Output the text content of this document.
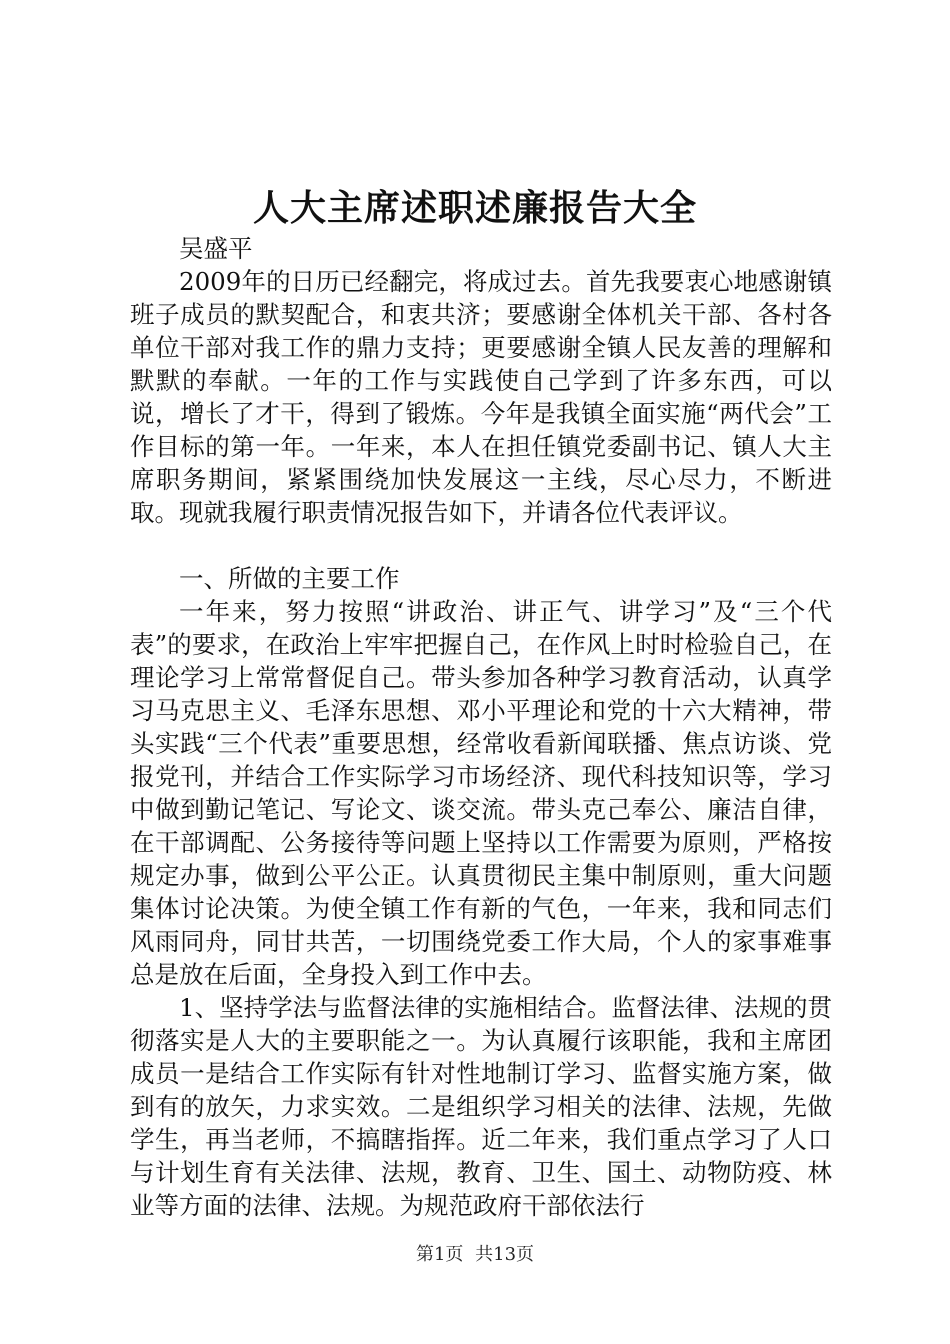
人大主席述职述廉报告大全

吴盛平

2009年的日历已经翻完，将成过去。首先我要衷心地感谢镇班子成员的默契配合，和衷共济；要感谢全体机关干部、各村各单位干部对我工作的鼎力支持；更要感谢全镇人民友善的理解和默默的奉献。一年的工作与实践使自己学到了许多东西，可以说，增长了才干，得到了锻炼。今年是我镇全面实施“两代会”工作目标的第一年。一年来，本人在担任镇党委副书记、镇人大主席职务期间，紧紧围绕加快发展这一主线，尽心尽力，不断进取。现就我履行职责情况报告如下，并请各位代表评议。

一、所做的主要工作

一年来，努力按照“讲政治、讲正气、讲学习”及“三个代表”的要求，在政治上牢牢把握自己，在作风上时时检验自己，在理论学习上常常督促自己。带头参加各种学习教育活动，认真学习马克思主义、毛泽东思想、邓小平理论和党的十六大精神，带头实践“三个代表”重要思想，经常收看新闻联播、焦点访谈、党报党刊，并结合工作实际学习市场经济、现代科技知识等，学习中做到勤记笔记、写论文、谈交流。带头克己奉公、廉洁自律，在干部调配、公务接待等问题上坚持以工作需要为原则，严格按规定办事，做到公平公正。认真贯彻民主集中制原则，重大问题集体讨论决策。为使全镇工作有新的气色，一年来，我和同志们风雨同舟，同甘共苦，一切围绕党委工作大局，个人的家事难事总是放在后面，全身投入到工作中去。

1、坚持学法与监督法律的实施相结合。监督法律、法规的贯彻落实是人大的主要职能之一。为认真履行该职能，我和主席团成员一是结合工作实际有针对性地制订学习、监督实施方案，做到有的放矢，力求实效。二是组织学习相关的法律、法规，先做学生，再当老师，不搞瞎指挥。近二年来，我们重点学习了人口与计划生育有关法律、法规，教育、卫生、国土、动物防疫、林业等方面的法律、法规。为规范政府干部依法行

第1页 共13页
